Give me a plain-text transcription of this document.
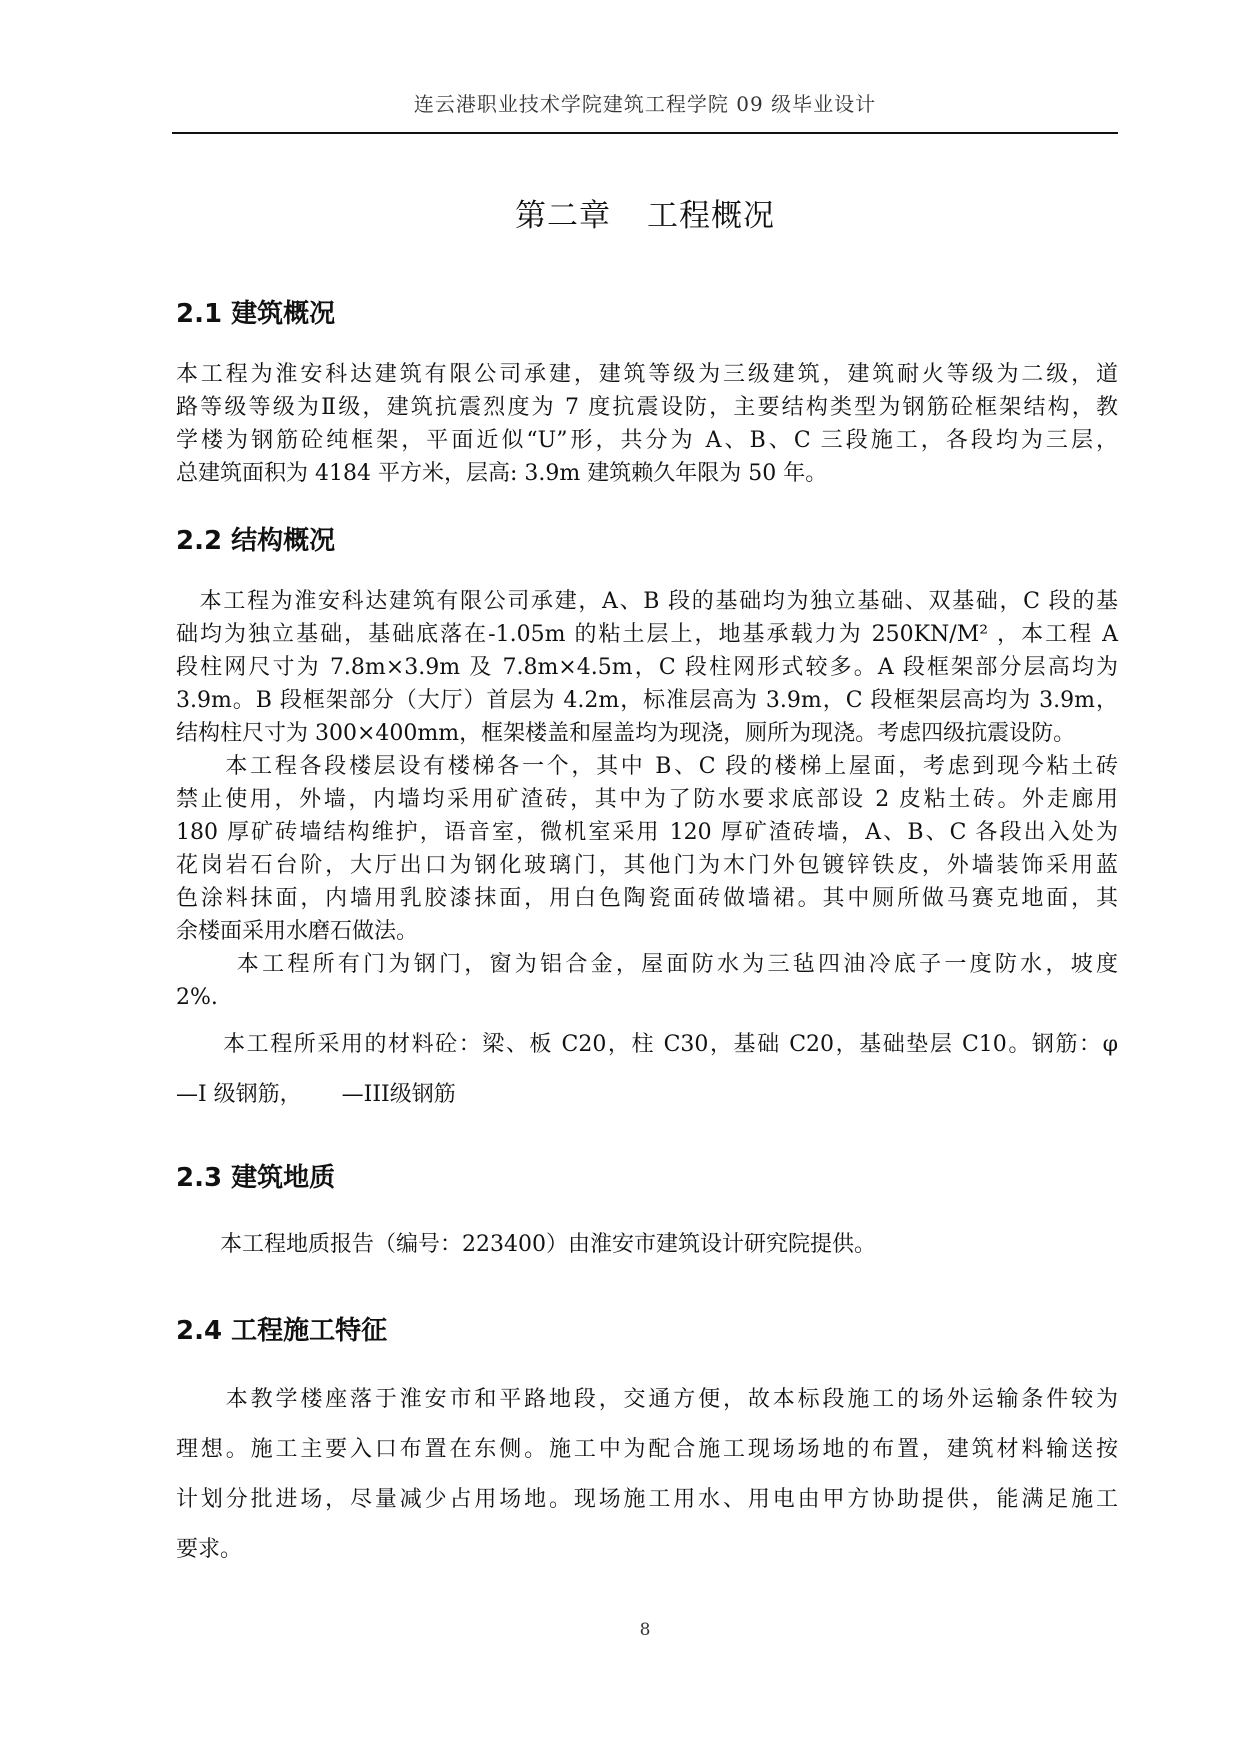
连云港职业技术学院建筑工程学院 09 级毕业设计
第二章 工程概况
2.1 建筑概况
本工程为淮安科达建筑有限公司承建，建筑等级为三级建筑，建筑耐火等级为二级，道
路等级等级为Ⅱ级，建筑抗震烈度为 7 度抗震设防，主要结构类型为钢筋砼框架结构，教
学楼为钢筋砼纯框架，平面近似“U”形，共分为 A、B、C 三段施工，各段均为三层，
总建筑面积为 4184 平方米，层高: 3.9m 建筑赖久年限为 50 年。
2.2 结构概况
　本工程为淮安科达建筑有限公司承建，A、B 段的基础均为独立基础、双基础，C 段的基
础均为独立基础，基础底落在-1.05m 的粘土层上，地基承载力为 250KN/M² ，本工程 A
段柱网尺寸为 7.8m×3.9m 及 7.8m×4.5m，C 段柱网形式较多。A 段框架部分层高均为
3.9m。B 段框架部分（大厅）首层为 4.2m，标准层高为 3.9m，C 段框架层高均为 3.9m，
结构柱尺寸为 300×400mm，框架楼盖和屋盖均为现浇，厕所为现浇。考虑四级抗震设防。
　　本工程各段楼层设有楼梯各一个，其中 B、C 段的楼梯上屋面，考虑到现今粘土砖
禁止使用，外墙，内墙均采用矿渣砖，其中为了防水要求底部设 2 皮粘土砖。外走廊用
180 厚矿砖墙结构维护，语音室，微机室采用 120 厚矿渣砖墙，A、B、C 各段出入处为
花岗岩石台阶，大厅出口为钢化玻璃门，其他门为木门外包镀锌铁皮，外墙装饰采用蓝
色涂料抹面，内墙用乳胶漆抹面，用白色陶瓷面砖做墙裙。其中厕所做马赛克地面，其
余楼面采用水磨石做法。
　　 本工程所有门为钢门，窗为铝合金，屋面防水为三毡四油冷底子一度防水，坡度
2%.
　　本工程所采用的材料砼：梁、板 C20，柱 C30，基础 C20，基础垫层 C10。钢筋：φ
—I 级钢筋，　　 —III级钢筋
2.3 建筑地质
　　本工程地质报告（编号：223400）由淮安市建筑设计研究院提供。
2.4 工程施工特征
　　本教学楼座落于淮安市和平路地段，交通方便，故本标段施工的场外运输条件较为
理想。施工主要入口布置在东侧。施工中为配合施工现场场地的布置，建筑材料输送按
计划分批进场，尽量减少占用场地。现场施工用水、用电由甲方协助提供，能满足施工
要求。
8
